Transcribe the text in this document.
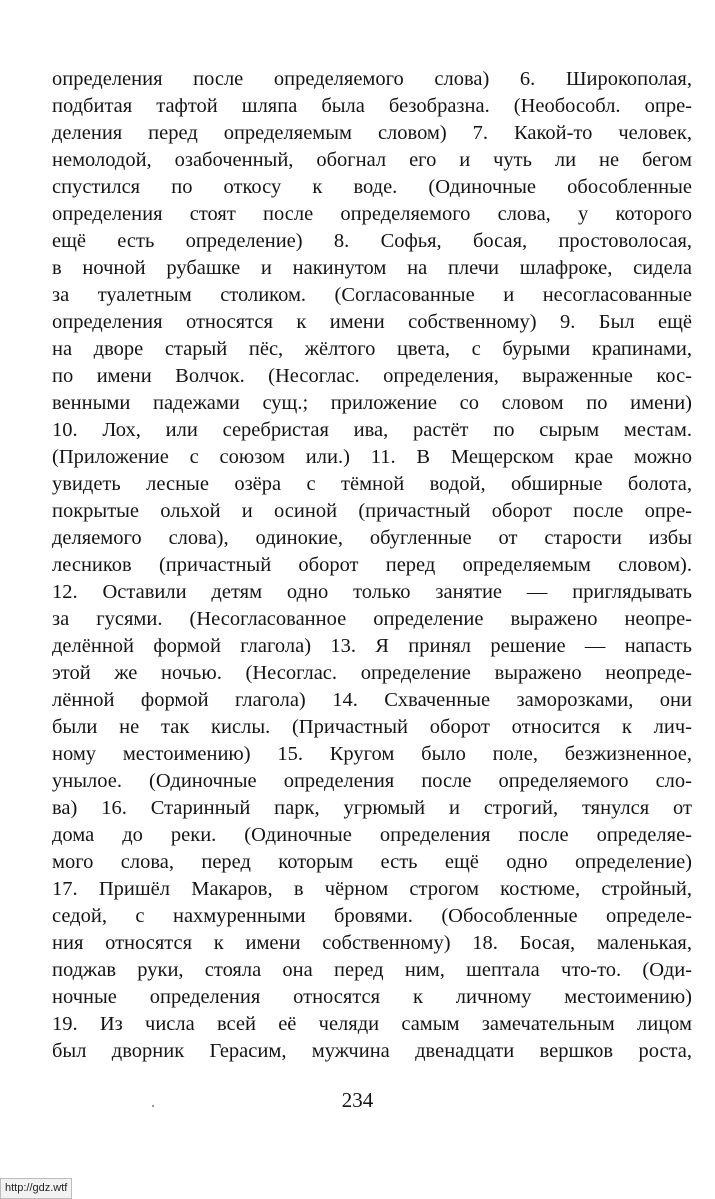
определения после определяемого слова) 6. Широкополая,
подбитая тафтой шляпа была безобразна. (Необособл. опре-
деления перед определяемым словом) 7. Какой-то человек,
немолодой, озабоченный, обогнал его и чуть ли не бегом
спустился по откосу к воде. (Одиночные обособленные
определения стоят после определяемого слова, у которого
ещё есть определение) 8. Софья, босая, простоволосая,
в ночной рубашке и накинутом на плечи шлафроке, сидела
за туалетным столиком. (Согласованные и несогласованные
определения относятся к имени собственному) 9. Был ещё
на дворе старый пёс, жёлтого цвета, с бурыми крапинами,
по имени Волчок. (Несоглас. определения, выраженные кос-
венными падежами сущ.; приложение со словом по имени)
10. Лох, или серебристая ива, растёт по сырым местам.
(Приложение с союзом или.) 11. В Мещерском крае можно
увидеть лесные озёра с тёмной водой, обширные болота,
покрытые ольхой и осиной (причастный оборот после опре-
деляемого слова), одинокие, обугленные от старости избы
лесников (причастный оборот перед определяемым словом).
12. Оставили детям одно только занятие — приглядывать
за гусями. (Несогласованное определение выражено неопре-
делённой формой глагола) 13. Я принял решение — напасть
этой же ночью. (Несоглас. определение выражено неопреде-
лённой формой глагола) 14. Схваченные заморозками, они
были не так кислы. (Причастный оборот относится к лич-
ному местоимению) 15. Кругом было поле, безжизненное,
унылое. (Одиночные определения после определяемого сло-
ва) 16. Старинный парк, угрюмый и строгий, тянулся от
дома до реки. (Одиночные определения после определяе-
мого слова, перед которым есть ещё одно определение)
17. Пришёл Макаров, в чёрном строгом костюме, стройный,
седой, с нахмуренными бровями. (Обособленные определе-
ния относятся к имени собственному) 18. Босая, маленькая,
поджав руки, стояла она перед ним, шептала что-то. (Оди-
ночные определения относятся к личному местоимению)
19. Из числа всей её челяди самым замечательным лицом
был дворник Герасим, мужчина двенадцати вершков роста,
234
http://gdz.wtf
